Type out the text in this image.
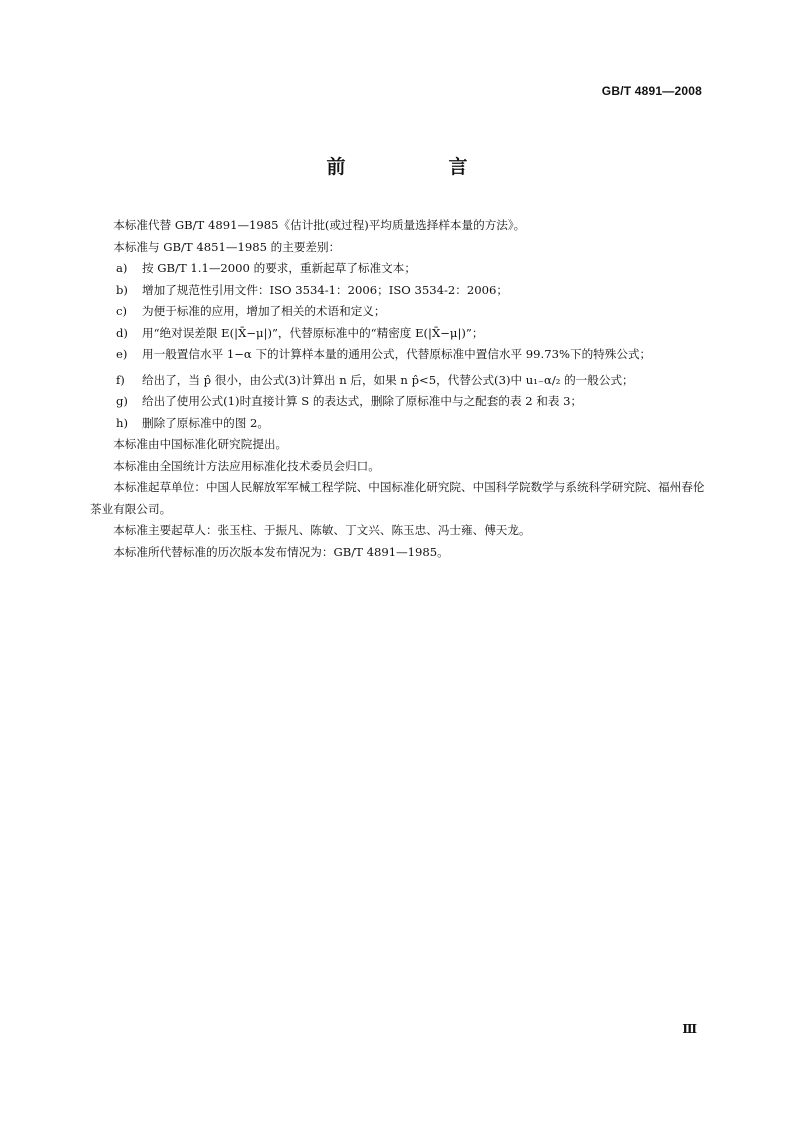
GB/T 4891—2008
前　言

本标准代替 GB/T 4891—1985《估计批(或过程)平均质量选择样本量的方法》。

本标准与 GB/T 4851—1985 的主要差别：

a)	按 GB/T 1.1—2000 的要求，重新起草了标准文本；
b)	增加了规范性引用文件：ISO 3534-1：2006；ISO 3534-2：2006；
c)	为便于标准的应用，增加了相关的术语和定义；
d)	用“绝对误差限 E(|X̄−μ|)”，代替原标准中的“精密度 E(|X̄−μ|)”；
e)	用一般置信水平 1−α 下的计算样本量的通用公式，代替原标准中置信水平 99.73%下的特殊公式；
f)	给出了，当 p̂ 很小，由公式(3)计算出 n 后，如果 n p̂<5，代替公式(3)中 u₁₋α/₂ 的一般公式；
g)	给出了使用公式(1)时直接计算 S 的表达式，删除了原标准中与之配套的表 2 和表 3；
h)	删除了原标准中的图 2。

本标准由中国标准化研究院提出。

本标准由全国统计方法应用标准化技术委员会归口。

本标准起草单位：中国人民解放军军械工程学院、中国标准化研究院、中国科学院数学与系统科学研究院、福州春伦茶业有限公司。

本标准主要起草人：张玉柱、于振凡、陈敏、丁文兴、陈玉忠、冯士雍、傅天龙。

本标准所代替标准的历次版本发布情况为：GB/T 4891—1985。

Ⅲ
